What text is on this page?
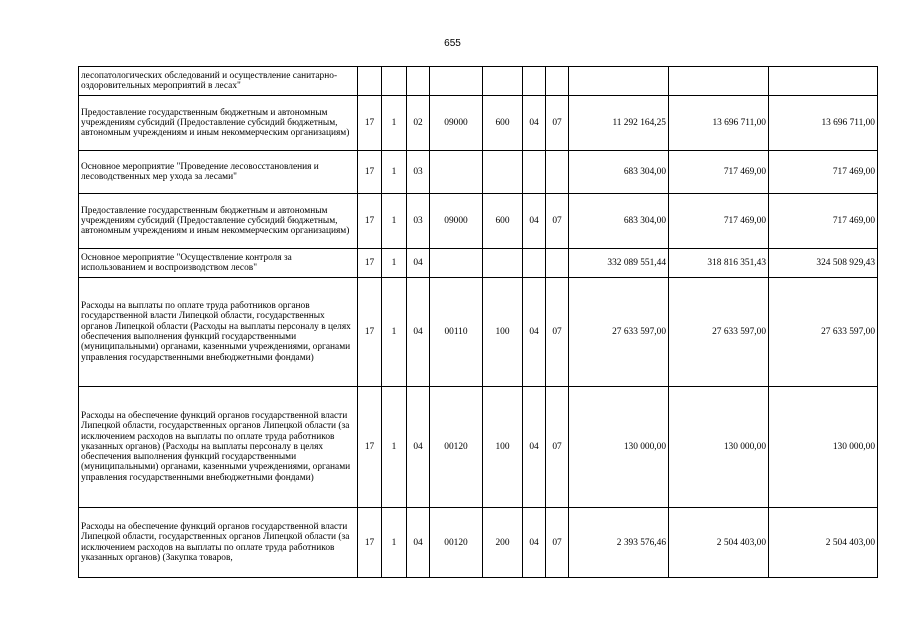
655
лесопатологических обследований и осуществление санитарно-оздоровительных мероприятий в лесах"										
Предоставление государственным бюджетным и автономным учреждениям субсидий (Предоставление субсидий бюджетным, автономным учреждениям и иным некоммерческим организациям)	17	1	02	09000	600	04	07	11 292 164,25	13 696 711,00	13 696 711,00
Основное мероприятие "Проведение лесовосстановления и лесоводственных мер ухода за лесами"	17	1	03					683 304,00	717 469,00	717 469,00
Предоставление государственным бюджетным и автономным учреждениям субсидий (Предоставление субсидий бюджетным, автономным учреждениям и иным некоммерческим организациям)	17	1	03	09000	600	04	07	683 304,00	717 469,00	717 469,00
Основное мероприятие "Осуществление контроля за использованием и воспроизводством лесов"	17	1	04					332 089 551,44	318 816 351,43	324 508 929,43
Расходы на выплаты по оплате труда работников органов государственной власти Липецкой области, государственных органов Липецкой области (Расходы на выплаты персоналу в целях обеспечения выполнения функций государственными (муниципальными) органами, казенными учреждениями, органами управления государственными внебюджетными фондами)	17	1	04	00110	100	04	07	27 633 597,00	27 633 597,00	27 633 597,00
Расходы на обеспечение функций органов государственной власти Липецкой области, государственных органов Липецкой области (за исключением расходов на выплаты по оплате труда работников указанных органов) (Расходы на выплаты персоналу в целях обеспечения выполнения функций государственными (муниципальными) органами, казенными учреждениями, органами управления государственными внебюджетными фондами)	17	1	04	00120	100	04	07	130 000,00	130 000,00	130 000,00
Расходы на обеспечение функций органов государственной власти Липецкой области, государственных органов Липецкой области (за исключением расходов на выплаты по оплате труда работников указанных органов) (Закупка товаров,	17	1	04	00120	200	04	07	2 393 576,46	2 504 403,00	2 504 403,00
